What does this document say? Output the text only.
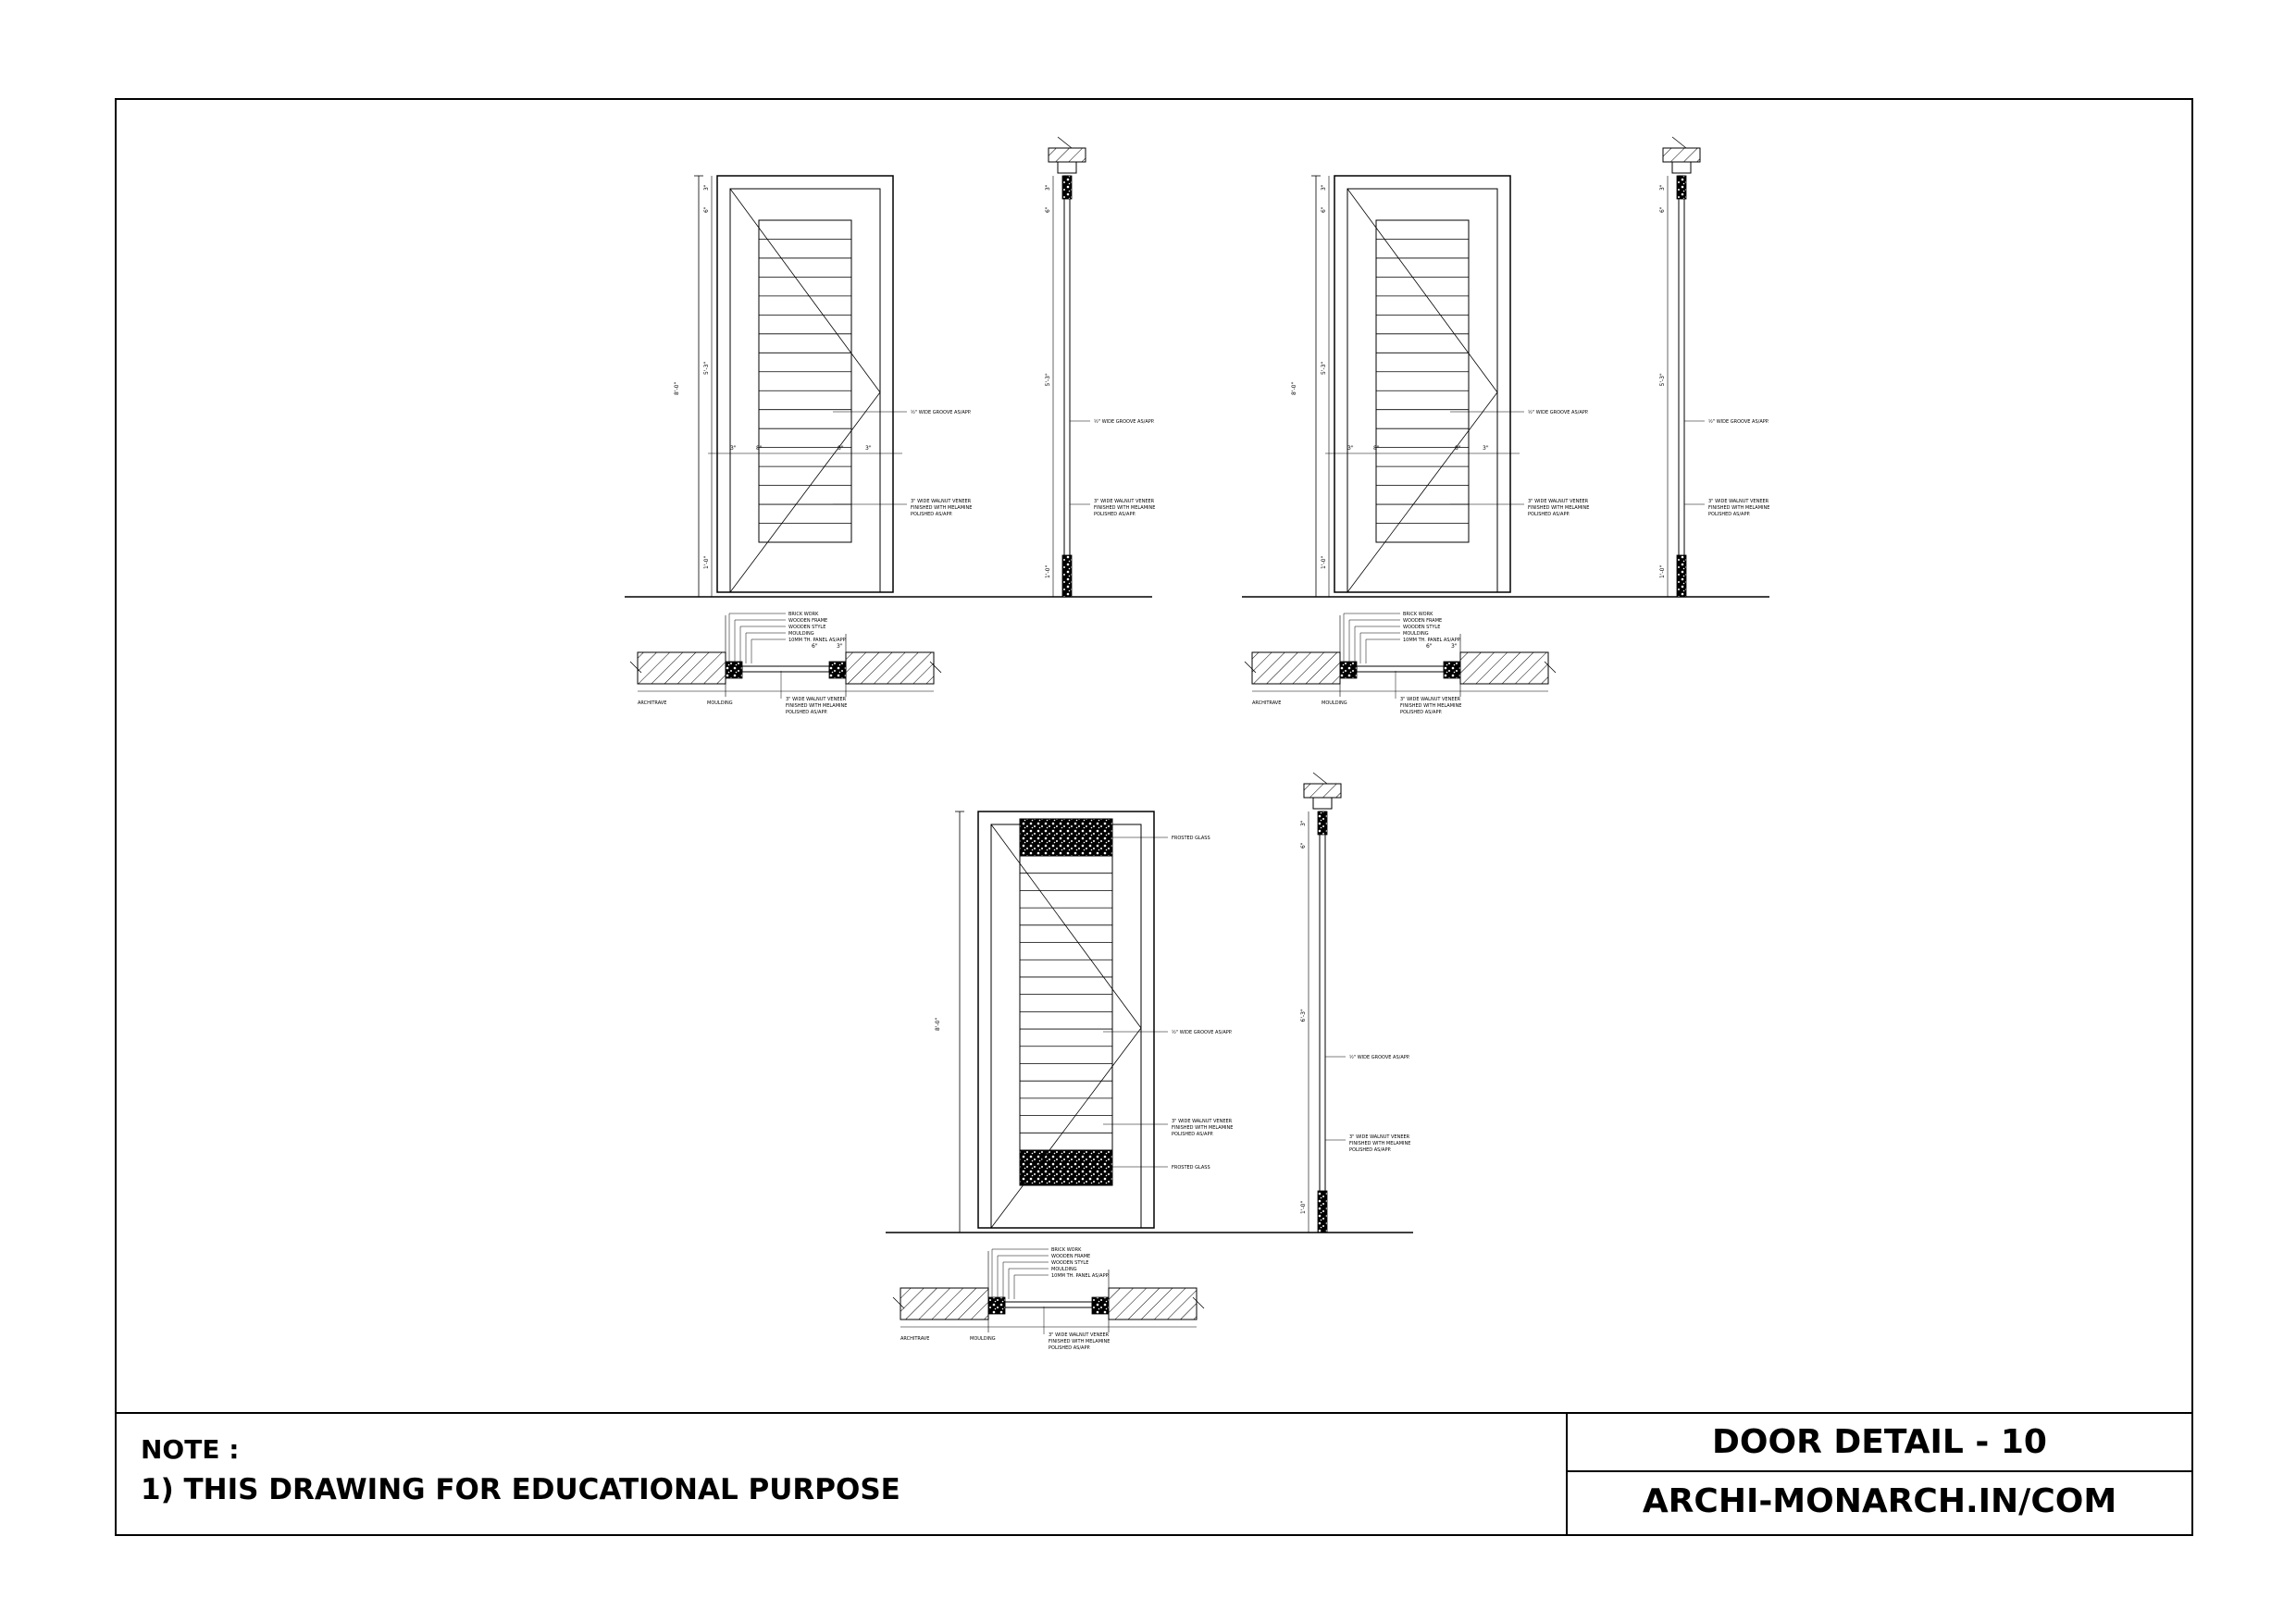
8'-0"
5'-3"
1'-0"
3"
6"
3"	8"	8"	3"
½" WIDE GROOVE AS/APP.
3" WIDE WALNUT VENEER
FINISHED WITH MELAMINE
POLISHED AS/APP.
3"
6"
5'-3"
1'-0"
½" WIDE GROOVE AS/APP.
3" WIDE WALNUT VENEER
FINISHED WITH MELAMINE
POLISHED AS/APP.
BRICK WORK
WOODEN FRAME
WOODEN STYLE
MOULDING
10MM TH. PANEL AS/APP.
6"	3"
ARCHITRAVE	MOULDING
3" WIDE WALNUT VENEER
FINISHED WITH MELAMINE
POLISHED AS/APP.
8'-0"
5'-3"
1'-0"
3"
6"
3"	8"	8"	3"
½" WIDE GROOVE AS/APP.
3" WIDE WALNUT VENEER
FINISHED WITH MELAMINE
POLISHED AS/APP.
3"
6"
5'-3"
1'-0"
½" WIDE GROOVE AS/APP.
3" WIDE WALNUT VENEER
FINISHED WITH MELAMINE
POLISHED AS/APP.
BRICK WORK
WOODEN FRAME
WOODEN STYLE
MOULDING
10MM TH. PANEL AS/APP.
6"	3"
ARCHITRAVE	MOULDING
3" WIDE WALNUT VENEER
FINISHED WITH MELAMINE
POLISHED AS/APP.
8'-0"
FROSTED GLASS
½" WIDE GROOVE AS/APP.
3" WIDE WALNUT VENEER
FINISHED WITH MELAMINE
POLISHED AS/APP.
FROSTED GLASS
3"
6"
6'-3"
1'-0"
½" WIDE GROOVE AS/APP.
3" WIDE WALNUT VENEER
FINISHED WITH MELAMINE
POLISHED AS/APP.
BRICK WORK
WOODEN FRAME
WOODEN STYLE
MOULDING
10MM TH. PANEL AS/APP.
ARCHITRAVE	MOULDING
3" WIDE WALNUT VENEER
FINISHED WITH MELAMINE
POLISHED AS/APP.
NOTE :
1) THIS DRAWING FOR EDUCATIONAL PURPOSE
DOOR DETAIL - 10
ARCHI-MONARCH.IN/COM
